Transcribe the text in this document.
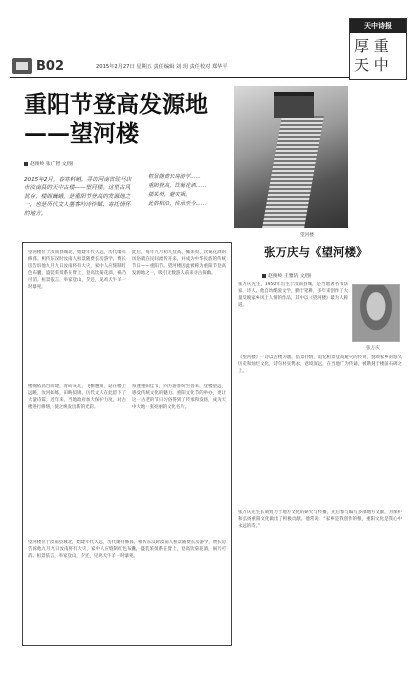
B02	2015年2月27日 星期五 责任编辑 刘 玥 责任校对 郑华平
天中诗报
厚 重
天 中
重阳节登高发源地
——望河楼
赵俊岭 张广智 文/图
2015年2月，春寒料峭，寻访河南省驻马店市汝南县的天中古楼——望河楼。这里古风犹存，楼阁巍峨，是重阳节登高的发源地之一，也是历代文人墨客吟诗作赋、寄托情怀的地方。

桓景随费长房游学……

重阳登高，饮菊花酒……

插茱萸，避灾祸。

此俗相沿，传承至今……

望河楼位于汝南县城北，始建年代久远，历代屡有修葺。相传东汉时汝南人桓景随费长房游学，费长房告诉他九月九日汝南将有大灾，家中人应缝制红色布囊，盛装茱萸系在臂上，登高饮菊花酒，祸乃可消。桓景依言，举家登山，夕还，见鸡犬牛羊一时暴死。
此后，每年九月初九登高、佩茱萸、饮菊花酒的风俗就在民间流传开来，并成为中华民族的传统节日——重阳节。望河楼因此被称为重阳节登高发源地之一，吸引无数游人前来寻古探幽。
楼阁依高台而建，青砖灰瓦，飞檐翘角，站在楼上远眺，汝河如练，田畴似锦，历代文人在此留下了大量诗篇。近年来，当地政府加大保护力度，对古楼进行修缮，使之焕发出新的光彩。
每逢重阳佳节，四方游客纷至沓来，登楼望远，感受传统文化的魅力。重阳文化节的举办，更让这一古老的节日习俗得到了传承和发扬，成为天中大地一张亮丽的文化名片。
望河楼位于汝南县城北，始建年代久远，历代屡有修葺。相传东汉时汝南人桓景随费长房游学，费长房告诉他九月九日汝南将有大灾，家中人应缝制红色布囊，盛装茱萸系在臂上，登高饮菊花酒，祸乃可消。桓景依言，举家登山，夕还，见鸡犬牛羊一时暴死。
望河楼
张万庆与《望河楼》
赵俊岭 王雅洁 文/图
张万庆
张万庆先生，1950年出生于汝南县城，是当地著名书法家、诗人。他自幼酷爱文学，勤于笔耕，多年来创作了大量反映家乡风土人情的作品，其中以《望河楼》最为人称道。
《望河楼》一诗以古楼为题，借景抒情，追忆桓景登高避灾的传说，赞颂家乡的悠久历史和灿烂文化，诗句朴实隽永，意境深远，在当地广为传诵，被镌刻于楼前石碑之上。
张万庆先生长期致力于地方文化的研究与传播，先后参与编写多部地方文献，为保护和弘扬重阳文化做出了积极贡献。他常说：“家乡是我创作的根，重阳文化是我心中永远的诗。”
